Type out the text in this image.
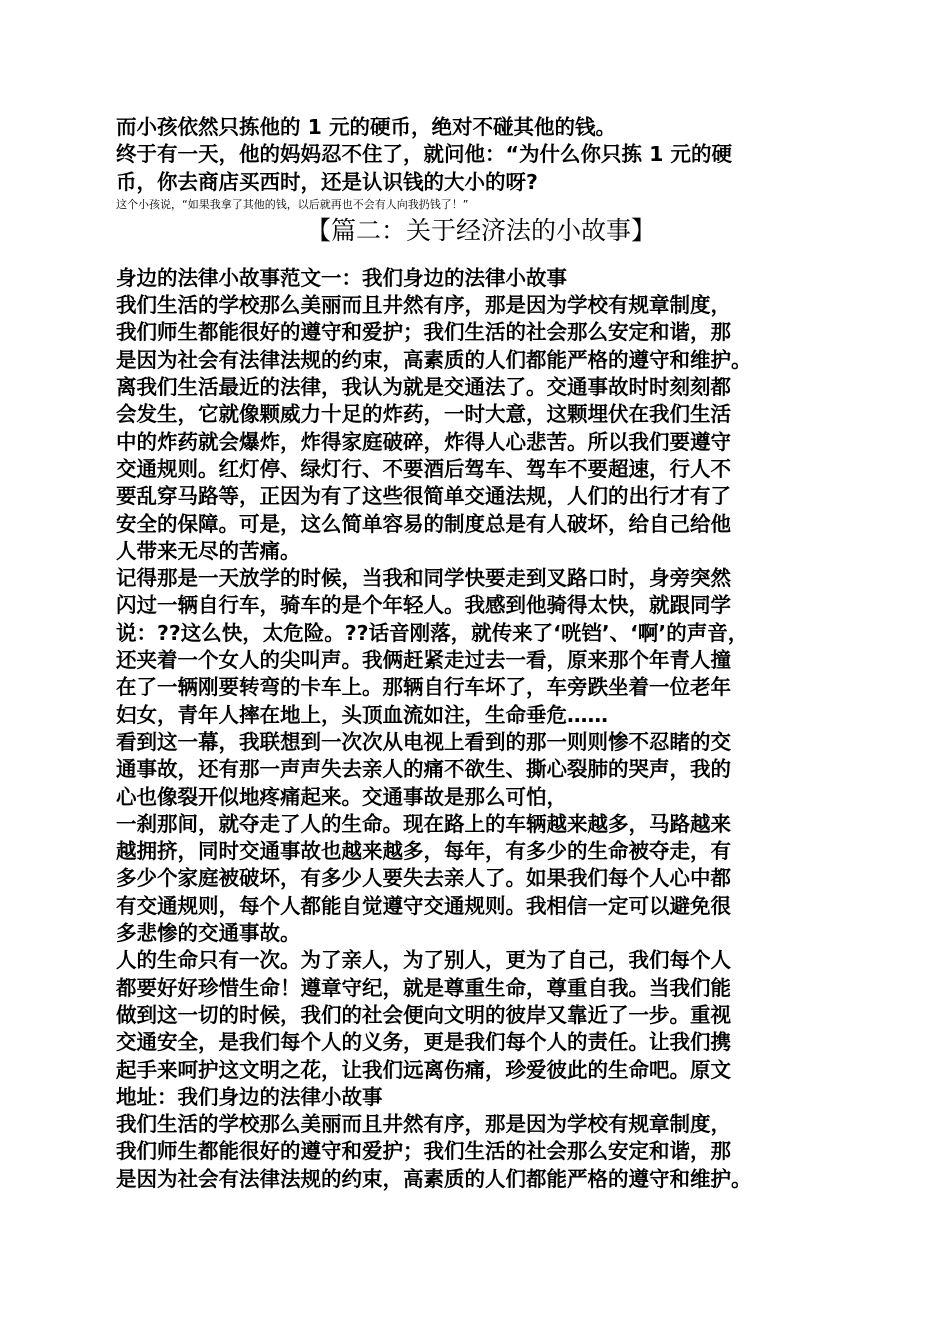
而小孩依然只拣他的 1 元的硬币，绝对不碰其他的钱。
终于有一天，他的妈妈忍不住了，就问他：“为什么你只拣 1 元的硬
币，你去商店买西时，还是认识钱的大小的呀?
这个小孩说，“如果我拿了其他的钱，以后就再也不会有人向我扔钱了！”
【篇二：关于经济法的小故事】
身边的法律小故事范文一：我们身边的法律小故事
我们生活的学校那么美丽而且井然有序，那是因为学校有规章制度，
我们师生都能很好的遵守和爱护；我们生活的社会那么安定和谐，那
是因为社会有法律法规的约束，高素质的人们都能严格的遵守和维护。
离我们生活最近的法律，我认为就是交通法了。交通事故时时刻刻都
会发生，它就像颗威力十足的炸药，一时大意，这颗埋伏在我们生活
中的炸药就会爆炸，炸得家庭破碎，炸得人心悲苦。所以我们要遵守
交通规则。红灯停、绿灯行、不要酒后驾车、驾车不要超速，行人不
要乱穿马路等，正因为有了这些很简单交通法规，人们的出行才有了
安全的保障。可是，这么简单容易的制度总是有人破坏，给自己给他
人带来无尽的苦痛。
记得那是一天放学的时候，当我和同学快要走到叉路口时，身旁突然
闪过一辆自行车，骑车的是个年轻人。我感到他骑得太快，就跟同学
说：??这么快，太危险。??话音刚落，就传来了‘咣铛’、‘啊’的声音，
还夹着一个女人的尖叫声。我俩赶紧走过去一看，原来那个年青人撞
在了一辆刚要转弯的卡车上。那辆自行车坏了，车旁跌坐着一位老年
妇女，青年人摔在地上，头顶血流如注，生命垂危……
看到这一幕，我联想到一次次从电视上看到的那一则则惨不忍睹的交
通事故，还有那一声声失去亲人的痛不欲生、撕心裂肺的哭声，我的
心也像裂开似地疼痛起来。交通事故是那么可怕，
一刹那间，就夺走了人的生命。现在路上的车辆越来越多，马路越来
越拥挤，同时交通事故也越来越多，每年，有多少的生命被夺走，有
多少个家庭被破坏，有多少人要失去亲人了。如果我们每个人心中都
有交通规则，每个人都能自觉遵守交通规则。我相信一定可以避免很
多悲惨的交通事故。
人的生命只有一次。为了亲人，为了别人，更为了自己，我们每个人
都要好好珍惜生命！遵章守纪，就是尊重生命，尊重自我。当我们能
做到这一切的时候，我们的社会便向文明的彼岸又靠近了一步。重视
交通安全，是我们每个人的义务，更是我们每个人的责任。让我们携
起手来呵护这文明之花，让我们远离伤痛，珍爱彼此的生命吧。原文
地址：我们身边的法律小故事
我们生活的学校那么美丽而且井然有序，那是因为学校有规章制度，
我们师生都能很好的遵守和爱护；我们生活的社会那么安定和谐，那
是因为社会有法律法规的约束，高素质的人们都能严格的遵守和维护。
